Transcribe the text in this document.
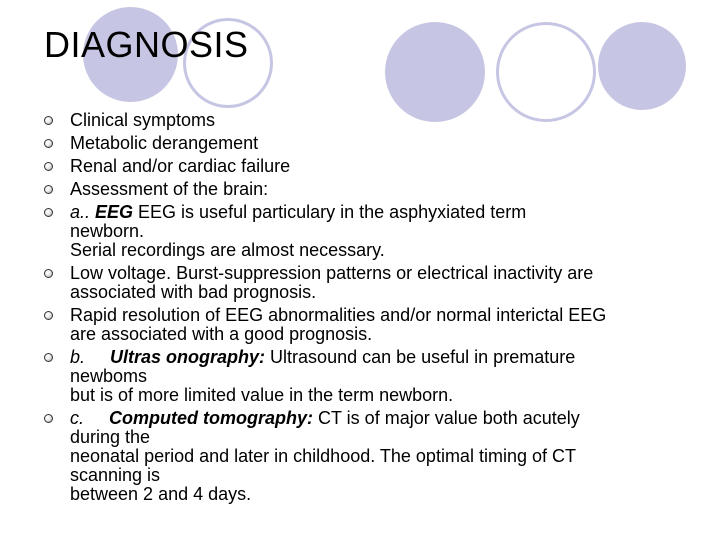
DIAGNOSIS
Clinical symptoms
Metabolic derangement
Renal and/or cardiac failure
Assessment of the brain:
a.. EEG EEG is useful particulary in the asphyxiated term
newborn.
Serial recordings are almost necessary.
Low voltage. Burst-suppression patterns or electrical inactivity are
associated with bad prognosis.
Rapid resolution of EEG abnormalities and/or normal interictal EEG
are associated with a good prognosis.
b.     Ultras onography: Ultrasound can be useful in premature
newboms
but is of more limited value in the term newborn.
c.     Computed tomography: CT is of major value both acutely
during the
neonatal period and later in childhood. The optimal timing of CT
scanning is
between 2 and 4 days.
